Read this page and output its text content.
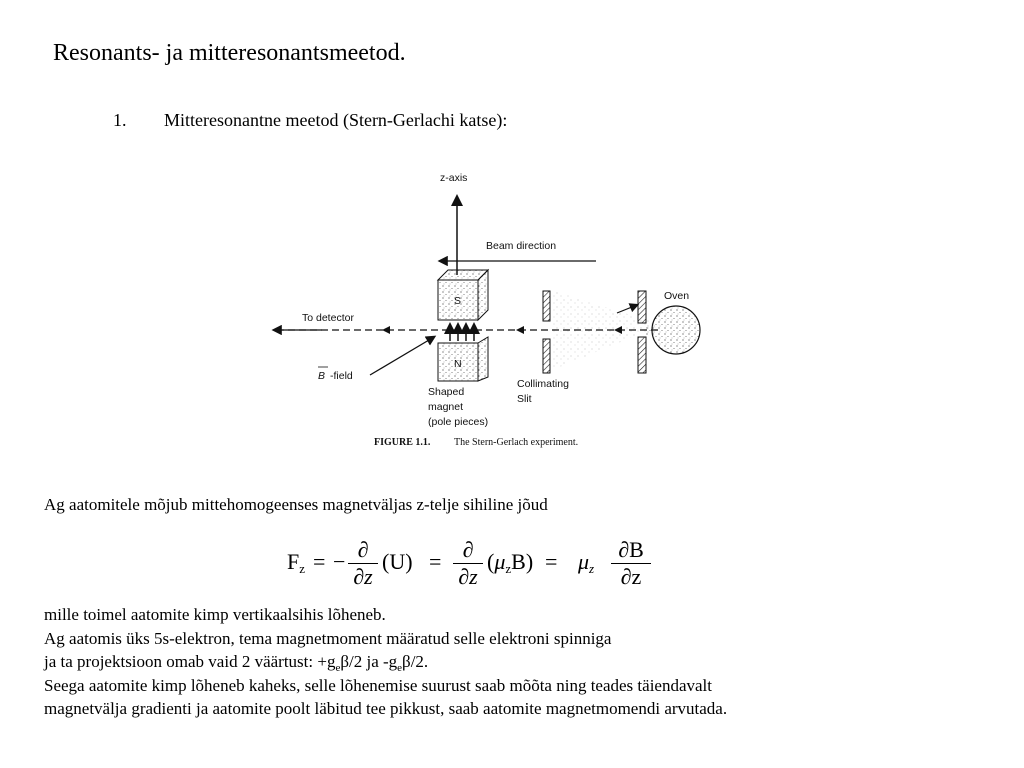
Resonants- ja mitteresonantsmeetod.
1. Mitteresonantne meetod (Stern-Gerlachi katse):
z-axis
Beam direction
S
N
Collimating
Slit
Oven
To detector
B -field
Shaped
magnet
(pole pieces)
FIGURE 1.1. The Stern-Gerlach experiment.
Ag aatomitele mõjub mittehomogeenses magnetväljas z-telje sihiline jõud
$F_z$ = − ∂
∂z
(U) = ∂
∂z
$(\mu_zB) = \mu_z$
∂B
∂z
mille toimel aatomite kimp vertikaalsihis lõheneb.
Ag aatomis üks 5s-elektron, tema magnetmoment määratud selle elektroni spinniga
ja ta projektsioon omab vaid 2 väärtust: $+g_e\beta/2$ ja $-g_e\beta/2$.
Seega aatomite kimp lõheneb kaheks, selle lõhenemise suurust saab mõõta ning teades täiendavalt
magnetvälja gradienti ja aatomite poolt läbitud tee pikkust, saab aatomite magnetmomendi arvutada.
